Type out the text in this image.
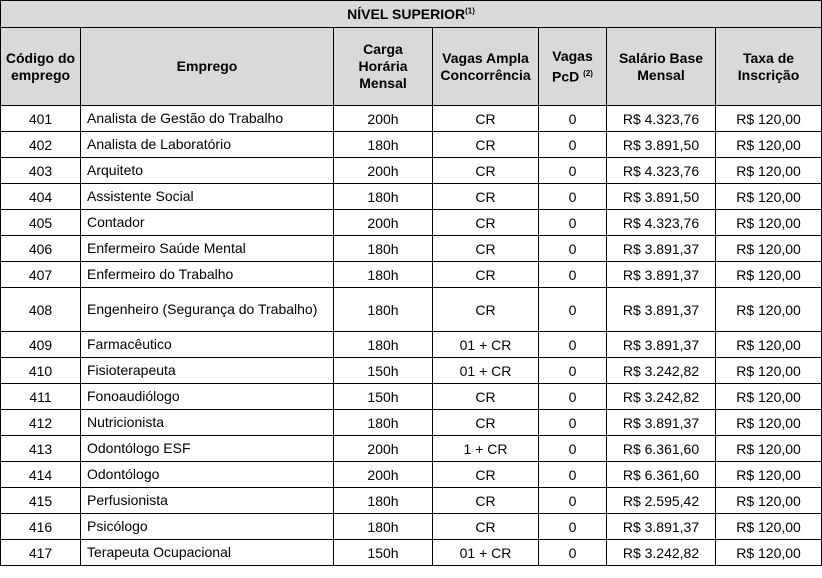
NÍVEL SUPERIOR$^{(1)}$
Código do emprego	Emprego	Carga Horária Mensal	Vagas Ampla Concorrência	Vagas PcD $^{(2)}$	Salário Base Mensal	Taxa de Inscrição
401	Analista de Gestão do Trabalho	200h	CR	0	R$ 4.323,76	R$ 120,00
402	Analista de Laboratório	180h	CR	0	R$ 3.891,50	R$ 120,00
403	Arquiteto	200h	CR	0	R$ 4.323,76	R$ 120,00
404	Assistente Social	180h	CR	0	R$ 3.891,50	R$ 120,00
405	Contador	200h	CR	0	R$ 4.323,76	R$ 120,00
406	Enfermeiro Saúde Mental	180h	CR	0	R$ 3.891,37	R$ 120,00
407	Enfermeiro do Trabalho	180h	CR	0	R$ 3.891,37	R$ 120,00
408	Engenheiro (Segurança do Trabalho)	180h	CR	0	R$ 3.891,37	R$ 120,00
409	Farmacêutico	180h	01 + CR	0	R$ 3.891,37	R$ 120,00
410	Fisioterapeuta	150h	01 + CR	0	R$ 3.242,82	R$ 120,00
411	Fonoaudiólogo	150h	CR	0	R$ 3.242,82	R$ 120,00
412	Nutricionista	180h	CR	0	R$ 3.891,37	R$ 120,00
413	Odontólogo ESF	200h	1 + CR	0	R$ 6.361,60	R$ 120,00
414	Odontólogo	200h	CR	0	R$ 6.361,60	R$ 120,00
415	Perfusionista	180h	CR	0	R$ 2.595,42	R$ 120,00
416	Psicólogo	180h	CR	0	R$ 3.891,37	R$ 120,00
417	Terapeuta Ocupacional	150h	01 + CR	0	R$ 3.242,82	R$ 120,00
